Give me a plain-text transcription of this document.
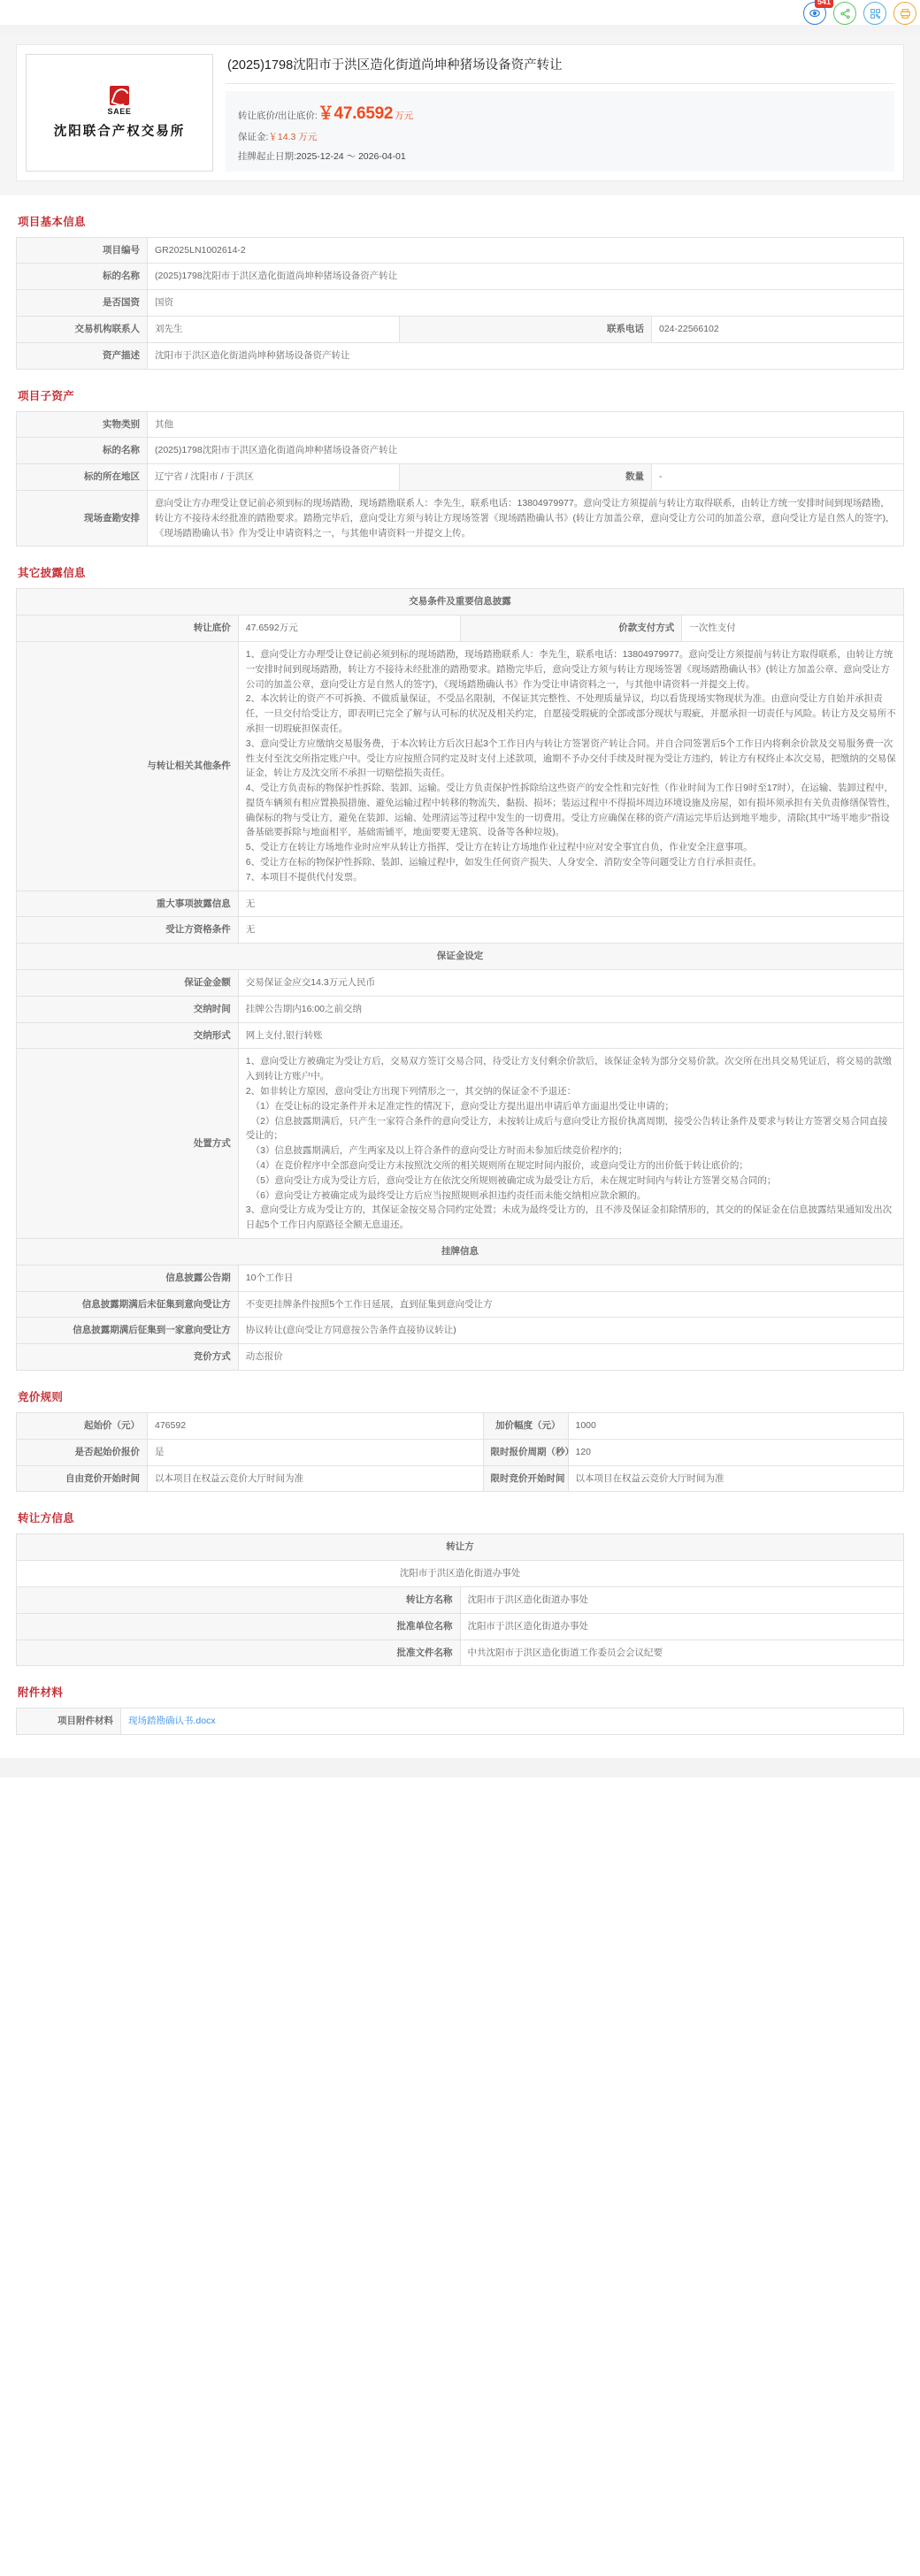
541
SAEE
沈阳联合产权交易所
(2025)1798沈阳市于洪区造化街道尚坤种猪场设备资产转让
转让底价/出让底价: ￥ 47.6592 万元
保证金: ￥14.3 万元
挂牌起止日期: 2025-12-24 ～ 2026-04-01
项目基本信息
项目编号	GR2025LN1002614-2		
标的名称	(2025)1798沈阳市于洪区造化街道尚坤种猪场设备资产转让		
是否国资	国资		
交易机构联系人	刘先生	联系电话	024-22566102
资产描述	沈阳市于洪区造化街道尚坤种猪场设备资产转让		
项目子资产
实物类别	其他		
标的名称	(2025)1798沈阳市于洪区造化街道尚坤种猪场设备资产转让		
标的所在地区	辽宁省 / 沈阳市 / 于洪区	数量	-
现场查勘安排	意向受让方办理受让登记前必须到标的现场踏勘，现场踏勘联系人：李先生，联系电话：13804979977。意向受让方须提前与转让方取得联系，由转让方统一安排时间到现场踏勘，转让方不接待未经批准的踏勘要求。踏勘完毕后，意向受让方须与转让方现场签署《现场踏勘确认书》(转让方加盖公章，意向受让方公司的加盖公章，意向受让方是自然人的签字)，《现场踏勘确认书》作为受让申请资料之一，与其他申请资料一并提交上传。		
其它披露信息
交易条件及重要信息披露			
转让底价	47.6592万元	价款支付方式	一次性支付
与转让相关其他条件	1、意向受让方办理受让登记前必须到标的现场踏勘，现场踏勘联系人：李先生，联系电话：13804979977。意向受让方须提前与转让方取得联系，由转让方统一安排时间到现场踏勘，转让方不接待未经批准的踏勘要求。踏勘完毕后，意向受让方须与转让方现场签署《现场踏勘确认书》(转让方加盖公章、意向受让方公司的加盖公章，意向受让方是自然人的签字)，《现场踏勘确认书》作为受让申请资料之一，与其他申请资料一并提交上传。
2、本次转让的资产不可拆换、不做质量保证，不受品名限制，不保证其完整性、不处理质量异议，均以看货现场实物现状为准。由意向受让方自始并承担责任，一旦交付给受让方，即表明已完全了解与认可标的状况及相关约定，自愿接受瑕疵的全部或部分现状与瑕疵，并愿承担一切责任与风险。转让方及交易所不承担一切瑕疵担保责任。
3、意向受让方应缴纳交易服务费，于本次转让方后次日起3个工作日内与转让方签署资产转让合同。并自合同签署后5个工作日内将剩余价款及交易服务费一次性支付至沈交所指定账户中。受让方应按照合同约定及时支付上述款项，逾期不予办交付手续及时视为受让方违约，转让方有权终止本次交易，把缴纳的交易保证金，转让方及沈交所不承担一切赔偿损失责任。
4、受让方负责标的物保护性拆除、装卸、运输。受让方负责保护性拆除给这些资产的安全性和完好性（作业时间为工作日9时至17时），在运输、装卸过程中，提货车辆须有相应置换损措施、避免运输过程中转移的物流失、黏损、损坏；装运过程中不得损坏周边环境设施及房屋，如有损坏须承担有关负责修缮保管性，确保标的物与受让方，避免在装卸、运输、处理清运等过程中发生的一切费用。受让方应确保在移的资产/清运完毕后达到地平地步，清除(其中"场平地步"指设备基础要拆除与地面相平，基础需铺平，地面要要无建筑、设备等各种垃圾)。
5、受让方在转让方场地作业时应牢从转让方指挥，受让方在转让方场地作业过程中应对安全事宜自负，作业安全注意事项。
6、受让方在标的物保护性拆除、装卸、运输过程中，如发生任何资产损失、人身安全、消防安全等问题受让方自行承担责任。
7、本项目不提供代付发票。
重大事项披露信息	无		
受让方资格条件	无		
保证金设定			
保证金金额	交易保证金应交14.3万元人民币		
交纳时间	挂牌公告期内16:00之前交纳		
交纳形式	网上支付,银行转账		
处置方式	1、意向受让方被确定为受让方后，交易双方签订交易合同，待受让方支付剩余价款后，该保证金转为部分交易价款。次交所在出具交易凭证后，将交易的款缴入到转让方账户中。
2、如非转让方原因，意向受让方出现下列情形之一，其交纳的保证金不予退还：
（1）在受让标的设定条件并未足准定性的情况下，意向受让方提出退出申请后单方面退出受让申请的；
（2）信息披露期满后，只产生一家符合条件的意向受让方，未按转让成后与意向受让方报价执离周期，接受公告转让条件及要求与转让方签署交易合同直接受让的；
（3）信息披露期满后，产生两家及以上符合条件的意向受让方时而未参加后续竞价程序的；
（4）在竞价程序中全部意向受让方未按照沈交所的相关规则所在规定时间内报价，或意向受让方的出价低于转让底价的；
（5）意向受让方成为受让方后，意向受让方在依沈交所规则被确定成为最受让方后，未在规定时间内与转让方签署交易合同的；
（6）意向受让方被确定成为最终受让方后应当按照规则承担违约责任而未能交纳相应款余额的。
3、意向受让方成为受让方的，其保证金按交易合同约定处置；未成为最终受让方的，且不涉及保证金扣除情形的，其交的的保证金在信息披露结果通知发出次日起5个工作日内原路径全额无息退还。
挂牌信息			
信息披露公告期	10个工作日		
信息披露期满后未征集到意向受让方	不变更挂牌条件按照5个工作日延展，直到征集到意向受让方		
信息披露期满后征集到一家意向受让方	协议转让(意向受让方同意按公告条件直接协议转让)		
竞价方式	动态报价		
竞价规则
起始价（元）	476592	加价幅度（元）	1000
是否起始价报价	是	限时报价周期（秒）	120
自由竞价开始时间	以本项目在权益云竞价大厅时间为准	限时竞价开始时间	以本项目在权益云竞价大厅时间为准
转让方信息
转让方	
沈阳市于洪区造化街道办事处	
转让方名称	沈阳市于洪区造化街道办事处
批准单位名称	沈阳市于洪区造化街道办事处
批准文件名称	中共沈阳市于洪区造化街道工作委员会会议纪要
附件材料
项目附件材料	现场踏勘确认书.docx
